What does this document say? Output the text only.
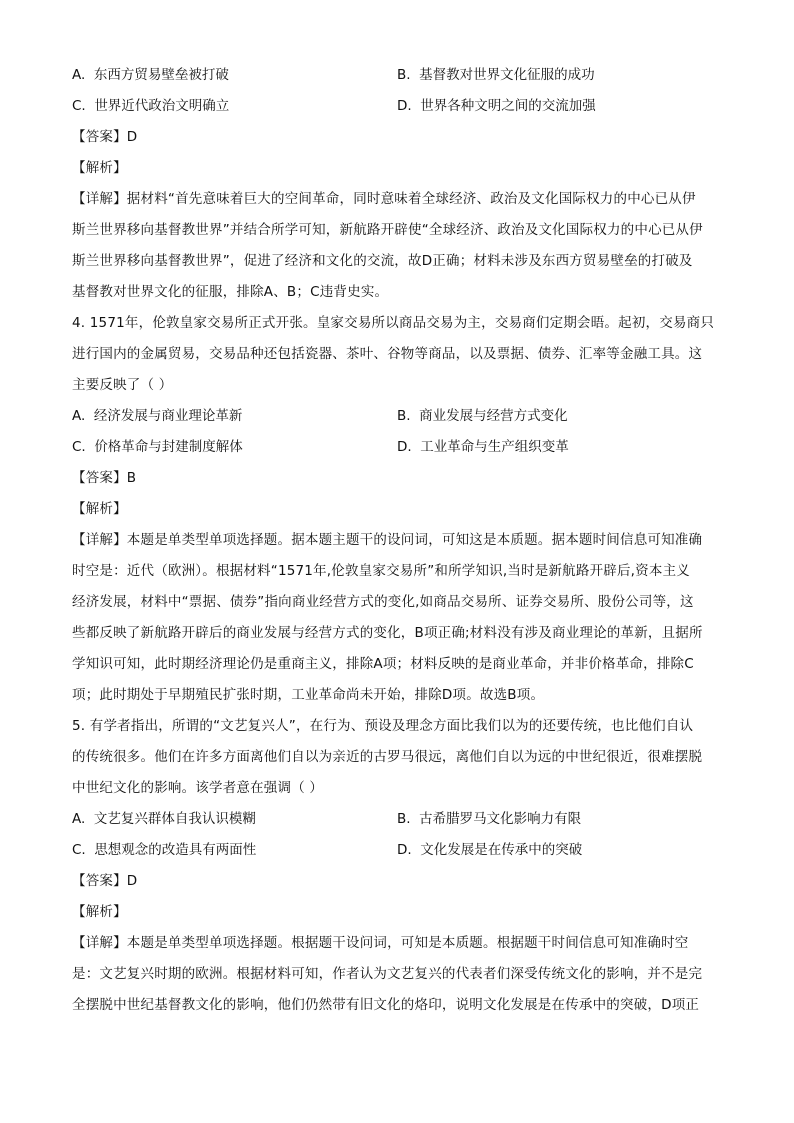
A. 东西方贸易壁垒被打破	B. 基督教对世界文化征服的成功
C. 世界近代政治文明确立	D. 世界各种文明之间的交流加强
【答案】D
【解析】
【详解】据材料“首先意味着巨大的空间革命，同时意味着全球经济、政治及文化国际权力的中心已从伊
斯兰世界移向基督教世界”并结合所学可知，新航路开辟使“全球经济、政治及文化国际权力的中心已从伊
斯兰世界移向基督教世界”，促进了经济和文化的交流，故D正确；材料未涉及东西方贸易壁垒的打破及
基督教对世界文化的征服，排除A、B；C违背史实。
4. 1571年，伦敦皇家交易所正式开张。皇家交易所以商品交易为主，交易商们定期会晤。起初，交易商只
进行国内的金属贸易，交易品种还包括瓷器、茶叶、谷物等商品，以及票据、债券、汇率等金融工具。这
主要反映了（ ）
A. 经济发展与商业理论革新	B. 商业发展与经营方式变化
C. 价格革命与封建制度解体	D. 工业革命与生产组织变革
【答案】B
【解析】
【详解】本题是单类型单项选择题。据本题主题干的设问词，可知这是本质题。据本题时间信息可知准确
时空是：近代（欧洲）。根据材料“1571年,伦敦皇家交易所”和所学知识,当时是新航路开辟后,资本主义
经济发展，材料中“票据、债券”指向商业经营方式的变化,如商品交易所、证券交易所、股份公司等，这
些都反映了新航路开辟后的商业发展与经营方式的变化，B项正确;材料没有涉及商业理论的革新，且据所
学知识可知，此时期经济理论仍是重商主义，排除A项；材料反映的是商业革命，并非价格革命，排除C
项；此时期处于早期殖民扩张时期，工业革命尚未开始，排除D项。故选B项。
5. 有学者指出，所谓的“文艺复兴人”，在行为、预设及理念方面比我们以为的还要传统，也比他们自认
的传统很多。他们在许多方面离他们自以为亲近的古罗马很远，离他们自以为远的中世纪很近，很难摆脱
中世纪文化的影响。该学者意在强调（ ）
A. 文艺复兴群体自我认识模糊	B. 古希腊罗马文化影响力有限
C. 思想观念的改造具有两面性	D. 文化发展是在传承中的突破
【答案】D
【解析】
【详解】本题是单类型单项选择题。根据题干设问词，可知是本质题。根据题干时间信息可知准确时空
是：文艺复兴时期的欧洲。根据材料可知，作者认为文艺复兴的代表者们深受传统文化的影响，并不是完
全摆脱中世纪基督教文化的影响，他们仍然带有旧文化的烙印，说明文化发展是在传承中的突破，D项正
